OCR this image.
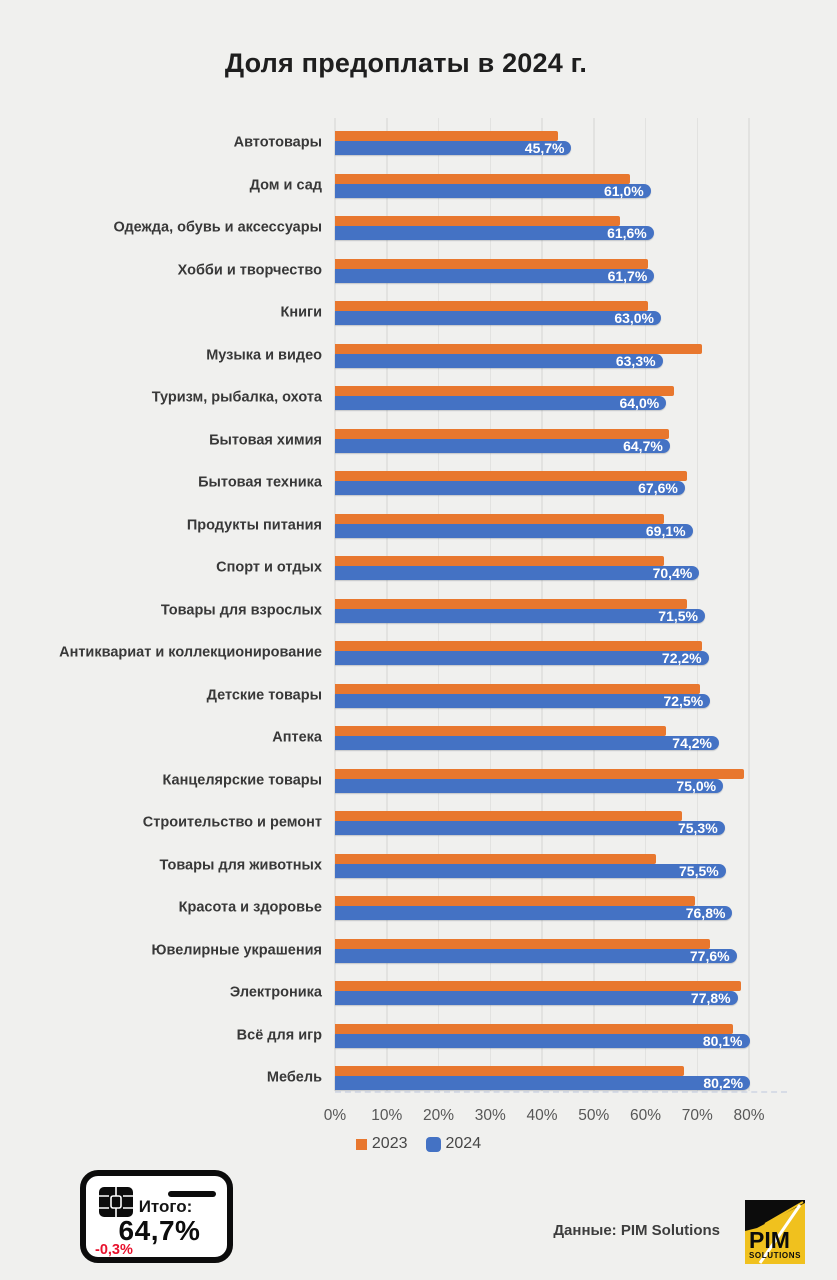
Доля предоплаты в 2024 г.
0% 10% 20% 30% 40% 50% 60% 70% 80%
Автотовары	45,7%
Дом и сад	61,0%
Одежда, обувь и аксессуары	61,6%
Хобби и творчество	61,7%
Книги	63,0%
Музыка и видео	63,3%
Туризм, рыбалка, охота	64,0%
Бытовая химия	64,7%
Бытовая техника	67,6%
Продукты питания	69,1%
Спорт и отдых	70,4%
Товары для взрослых	71,5%
Антиквариат и коллекционирование	72,2%
Детские товары	72,5%
Аптека	74,2%
Канцелярские товары	75,0%
Строительство и ремонт	75,3%
Товары для животных	75,5%
Красота и здоровье	76,8%
Ювелирные украшения	77,6%
Электроника	77,8%
Всё для игр	80,1%
Мебель	80,2%
2023 2024
Итого:
64,7%
-0,3%
Данные: PIM Solutions PIM
SOLUTIONS
